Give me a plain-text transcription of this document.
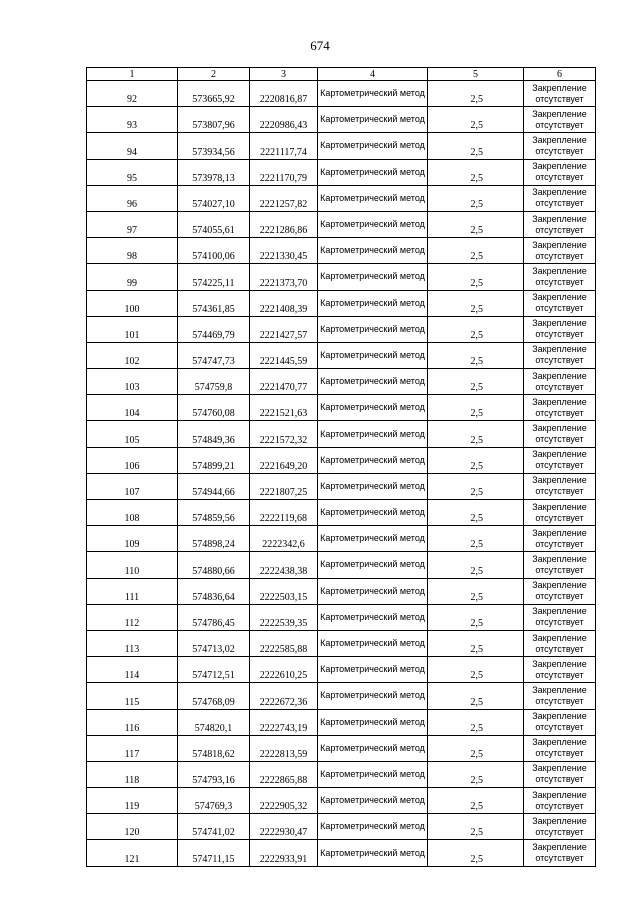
674
1	2	3	4	5	6
92	573665,92	2220816,87	Картометрический метод	2,5	Закрепление отсутствует
93	573807,96	2220986,43	Картометрический метод	2,5	Закрепление отсутствует
94	573934,56	2221117,74	Картометрический метод	2,5	Закрепление отсутствует
95	573978,13	2221170,79	Картометрический метод	2,5	Закрепление отсутствует
96	574027,10	2221257,82	Картометрический метод	2,5	Закрепление отсутствует
97	574055,61	2221286,86	Картометрический метод	2,5	Закрепление отсутствует
98	574100,06	2221330,45	Картометрический метод	2,5	Закрепление отсутствует
99	574225,11	2221373,70	Картометрический метод	2,5	Закрепление отсутствует
100	574361,85	2221408,39	Картометрический метод	2,5	Закрепление отсутствует
101	574469,79	2221427,57	Картометрический метод	2,5	Закрепление отсутствует
102	574747,73	2221445,59	Картометрический метод	2,5	Закрепление отсутствует
103	574759,8	2221470,77	Картометрический метод	2,5	Закрепление отсутствует
104	574760,08	2221521,63	Картометрический метод	2,5	Закрепление отсутствует
105	574849,36	2221572,32	Картометрический метод	2,5	Закрепление отсутствует
106	574899,21	2221649,20	Картометрический метод	2,5	Закрепление отсутствует
107	574944,66	2221807,25	Картометрический метод	2,5	Закрепление отсутствует
108	574859,56	2222119,68	Картометрический метод	2,5	Закрепление отсутствует
109	574898,24	2222342,6	Картометрический метод	2,5	Закрепление отсутствует
110	574880,66	2222438,38	Картометрический метод	2,5	Закрепление отсутствует
111	574836,64	2222503,15	Картометрический метод	2,5	Закрепление отсутствует
112	574786,45	2222539,35	Картометрический метод	2,5	Закрепление отсутствует
113	574713,02	2222585,88	Картометрический метод	2,5	Закрепление отсутствует
114	574712,51	2222610,25	Картометрический метод	2,5	Закрепление отсутствует
115	574768,09	2222672,36	Картометрический метод	2,5	Закрепление отсутствует
116	574820,1	2222743,19	Картометрический метод	2,5	Закрепление отсутствует
117	574818,62	2222813,59	Картометрический метод	2,5	Закрепление отсутствует
118	574793,16	2222865,88	Картометрический метод	2,5	Закрепление отсутствует
119	574769,3	2222905,32	Картометрический метод	2,5	Закрепление отсутствует
120	574741,02	2222930,47	Картометрический метод	2,5	Закрепление отсутствует
121	574711,15	2222933,91	Картометрический метод	2,5	Закрепление отсутствует
